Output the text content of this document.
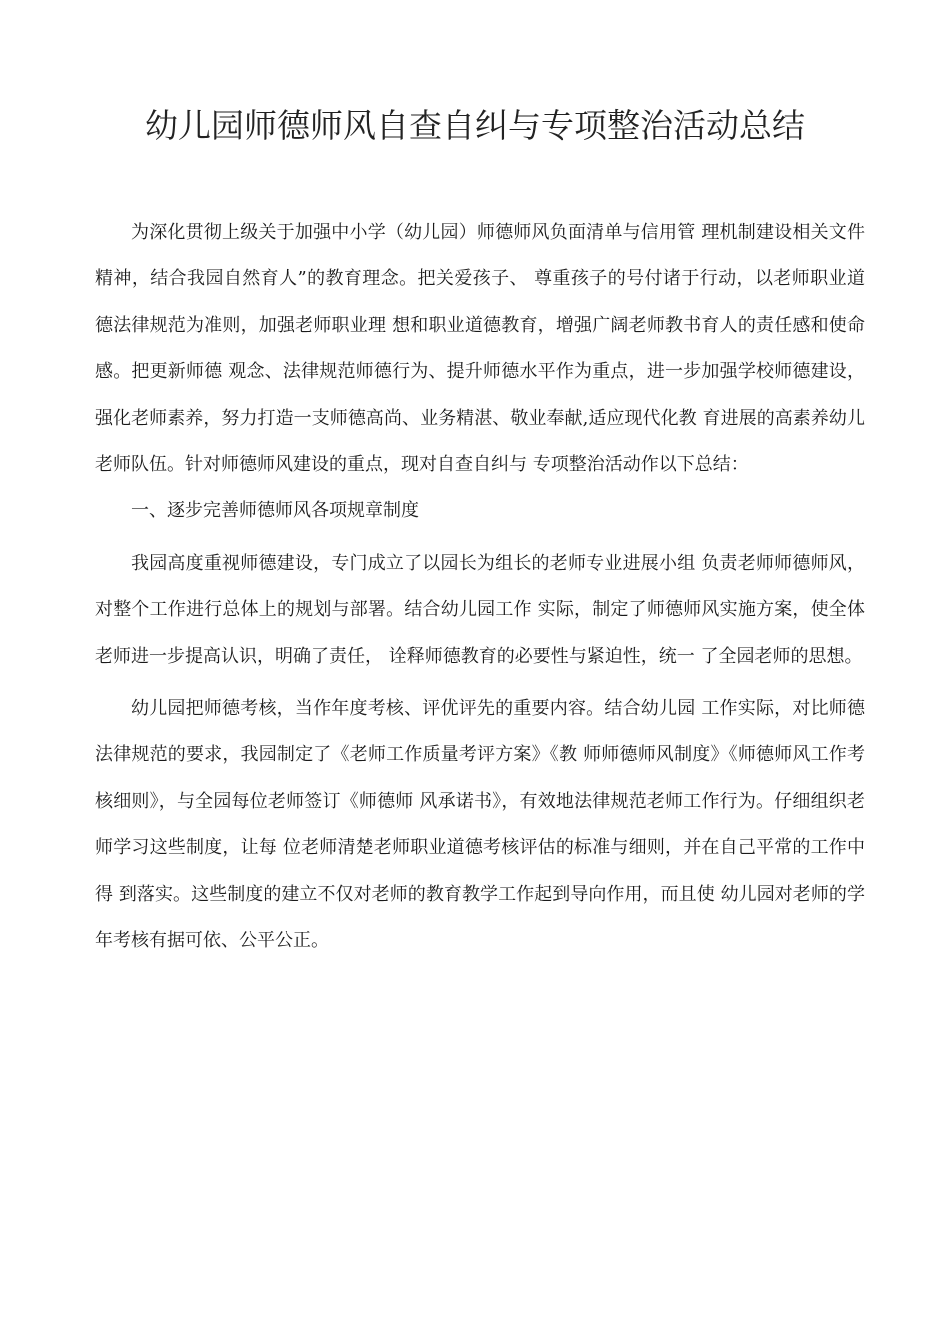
幼儿园师德师风自查自纠与专项整治活动总结

为深化贯彻上级关于加强中小学（幼儿园）师德师风负面清单与信用管 理机制建设相关文件精神，结合我园自然育人”的教育理念。把关爱孩子、 尊重孩子的号付诸于行动，以老师职业道德法律规范为准则，加强老师职业理 想和职业道德教育，增强广阔老师教书育人的责任感和使命感。把更新师德 观念、法律规范师德行为、提升师德水平作为重点，进一步加强学校师德建设， 强化老师素养，努力打造一支师德高尚、业务精湛、敬业奉献,适应现代化教 育进展的高素养幼儿老师队伍。针对师德师风建设的重点，现对自查自纠与 专项整治活动作以下总结：

一、逐步完善师德师风各项规章制度

我园高度重视师德建设，专门成立了以园长为组长的老师专业进展小组 负责老师师德师风，对整个工作进行总体上的规划与部署。结合幼儿园工作 实际，制定了师德师风实施方案，使全体老师进一步提高认识，明确了责任， 诠释师德教育的必要性与紧迫性，统一 了全园老师的思想。

幼儿园把师德考核，当作年度考核、评优评先的重要内容。结合幼儿园 工作实际，对比师德法律规范的要求，我园制定了《老师工作质量考评方案》《教 师师德师风制度》《师德师风工作考核细则》，与全园每位老师签订《师德师 风承诺书》，有效地法律规范老师工作行为。仔细组织老师学习这些制度，让每 位老师清楚老师职业道德考核评估的标准与细则，并在自己平常的工作中得 到落实。这些制度的建立不仅对老师的教育教学工作起到导向作用，而且使 幼儿园对老师的学年考核有据可依、公平公正。
